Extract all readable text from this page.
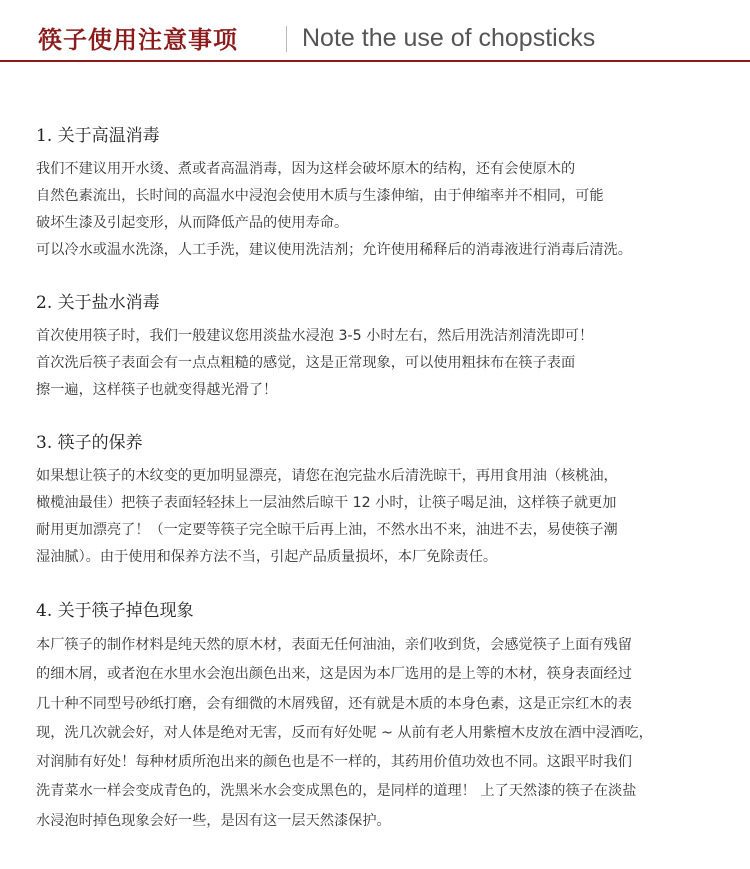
筷子使用注意事项	Note the use of chopsticks
1. 关于高温消毒

我们不建议用开水烫、煮或者高温消毒，因为这样会破坏原木的结构，还有会使原木的
自然色素流出，长时间的高温水中浸泡会使用木质与生漆伸缩，由于伸缩率并不相同，可能
破坏生漆及引起变形，从而降低产品的使用寿命。
可以冷水或温水洗涤，人工手洗，建议使用洗洁剂；允许使用稀释后的消毒液进行消毒后清洗。

2. 关于盐水消毒

首次使用筷子时，我们一般建议您用淡盐水浸泡 3-5 小时左右，然后用洗洁剂清洗即可！
首次洗后筷子表面会有一点点粗糙的感觉，这是正常现象，可以使用粗抹布在筷子表面
擦一遍，这样筷子也就变得越光滑了！

3. 筷子的保养

如果想让筷子的木纹变的更加明显漂亮，请您在泡完盐水后清洗晾干，再用食用油（核桃油，
橄榄油最佳）把筷子表面轻轻抹上一层油然后晾干 12 小时，让筷子喝足油，这样筷子就更加
耐用更加漂亮了！（一定要等筷子完全晾干后再上油，不然水出不来，油进不去，易使筷子潮
湿油腻）。由于使用和保养方法不当，引起产品质量损坏，本厂免除责任。

4. 关于筷子掉色现象

本厂筷子的制作材料是纯天然的原木材，表面无任何油油，亲们收到货，会感觉筷子上面有残留
的细木屑，或者泡在水里水会泡出颜色出来，这是因为本厂选用的是上等的木材，筷身表面经过
几十种不同型号砂纸打磨，会有细微的木屑残留，还有就是木质的本身色素，这是正宗红木的表
现，洗几次就会好，对人体是绝对无害，反而有好处呢 ~ 从前有老人用紫檀木皮放在酒中浸酒吃，
对润肺有好处！每种材质所泡出来的颜色也是不一样的，其药用价值功效也不同。这跟平时我们
洗青菜水一样会变成青色的，洗黑米水会变成黑色的，是同样的道理！ 上了天然漆的筷子在淡盐
水浸泡时掉色现象会好一些，是因有这一层天然漆保护。
